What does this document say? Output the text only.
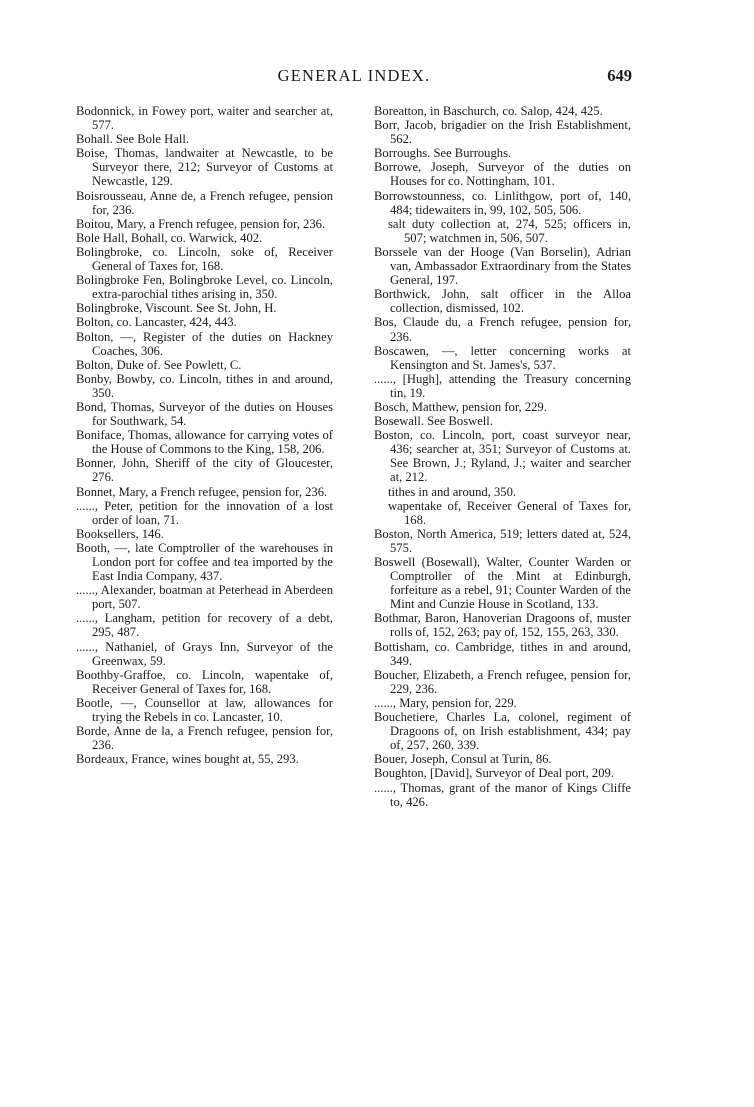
GENERAL INDEX.	649

Bodonnick, in Fowey port, waiter and searcher at, 577.

Bohall. See Bole Hall.

Boise, Thomas, landwaiter at Newcastle, to be Surveyor there, 212; Surveyor of Customs at Newcastle, 129.

Boisrousseau, Anne de, a French refugee, pension for, 236.

Boitou, Mary, a French refugee, pension for, 236.

Bole Hall, Bohall, co. Warwick, 402.

Bolingbroke, co. Lincoln, soke of, Receiver General of Taxes for, 168.

Bolingbroke Fen, Bolingbroke Level, co. Lincoln, extra-parochial tithes arising in, 350.

Bolingbroke, Viscount. See St. John, H.

Bolton, co. Lancaster, 424, 443.

Bolton, —, Register of the duties on Hackney Coaches, 306.

Bolton, Duke of. See Powlett, C.

Bonby, Bowby, co. Lincoln, tithes in and around, 350.

Bond, Thomas, Surveyor of the duties on Houses for Southwark, 54.

Boniface, Thomas, allowance for carrying votes of the House of Commons to the King, 158, 206.

Bonner, John, Sheriff of the city of Gloucester, 276.

Bonnet, Mary, a French refugee, pension for, 236.

......, Peter, petition for the innovation of a lost order of loan, 71.

Booksellers, 146.

Booth, —, late Comptroller of the warehouses in London port for coffee and tea imported by the East India Company, 437.

......, Alexander, boatman at Peterhead in Aberdeen port, 507.

......, Langham, petition for recovery of a debt, 295, 487.

......, Nathaniel, of Grays Inn, Surveyor of the Greenwax, 59.

Boothby-Graffoe, co. Lincoln, wapentake of, Receiver General of Taxes for, 168.

Bootle, —, Counsellor at law, allowances for trying the Rebels in co. Lancaster, 10.

Borde, Anne de la, a French refugee, pension for, 236.

Bordeaux, France, wines bought at, 55, 293.

Boreatton, in Baschurch, co. Salop, 424, 425.

Borr, Jacob, brigadier on the Irish Establishment, 562.

Borroughs. See Burroughs.

Borrowe, Joseph, Surveyor of the duties on Houses for co. Nottingham, 101.

Borrowstounness, co. Linlithgow, port of, 140, 484; tidewaiters in, 99, 102, 505, 506.

salt duty collection at, 274, 525; officers in, 507; watchmen in, 506, 507.

Borssele van der Hooge (Van Borselin), Adrian van, Ambassador Extraordinary from the States General, 197.

Borthwick, John, salt officer in the Alloa collection, dismissed, 102.

Bos, Claude du, a French refugee, pension for, 236.

Boscawen, —, letter concerning works at Kensington and St. James's, 537.

......, [Hugh], attending the Treasury concerning tin, 19.

Bosch, Matthew, pension for, 229.

Bosewall. See Boswell.

Boston, co. Lincoln, port, coast surveyor near, 436; searcher at, 351; Surveyor of Customs at. See Brown, J.; Ryland, J.; waiter and searcher at, 212.

tithes in and around, 350.

wapentake of, Receiver General of Taxes for, 168.

Boston, North America, 519; letters dated at, 524, 575.

Boswell (Bosewall), Walter, Counter Warden or Comptroller of the Mint at Edinburgh, forfeiture as a rebel, 91; Counter Warden of the Mint and Cunzie House in Scotland, 133.

Bothmar, Baron, Hanoverian Dragoons of, muster rolls of, 152, 263; pay of, 152, 155, 263, 330.

Bottisham, co. Cambridge, tithes in and around, 349.

Boucher, Elizabeth, a French refugee, pension for, 229, 236.

......, Mary, pension for, 229.

Bouchetiere, Charles La, colonel, regiment of Dragoons of, on Irish establishment, 434; pay of, 257, 260, 339.

Bouer, Joseph, Consul at Turin, 86.

Boughton, [David], Surveyor of Deal port, 209.

......, Thomas, grant of the manor of Kings Cliffe to, 426.
